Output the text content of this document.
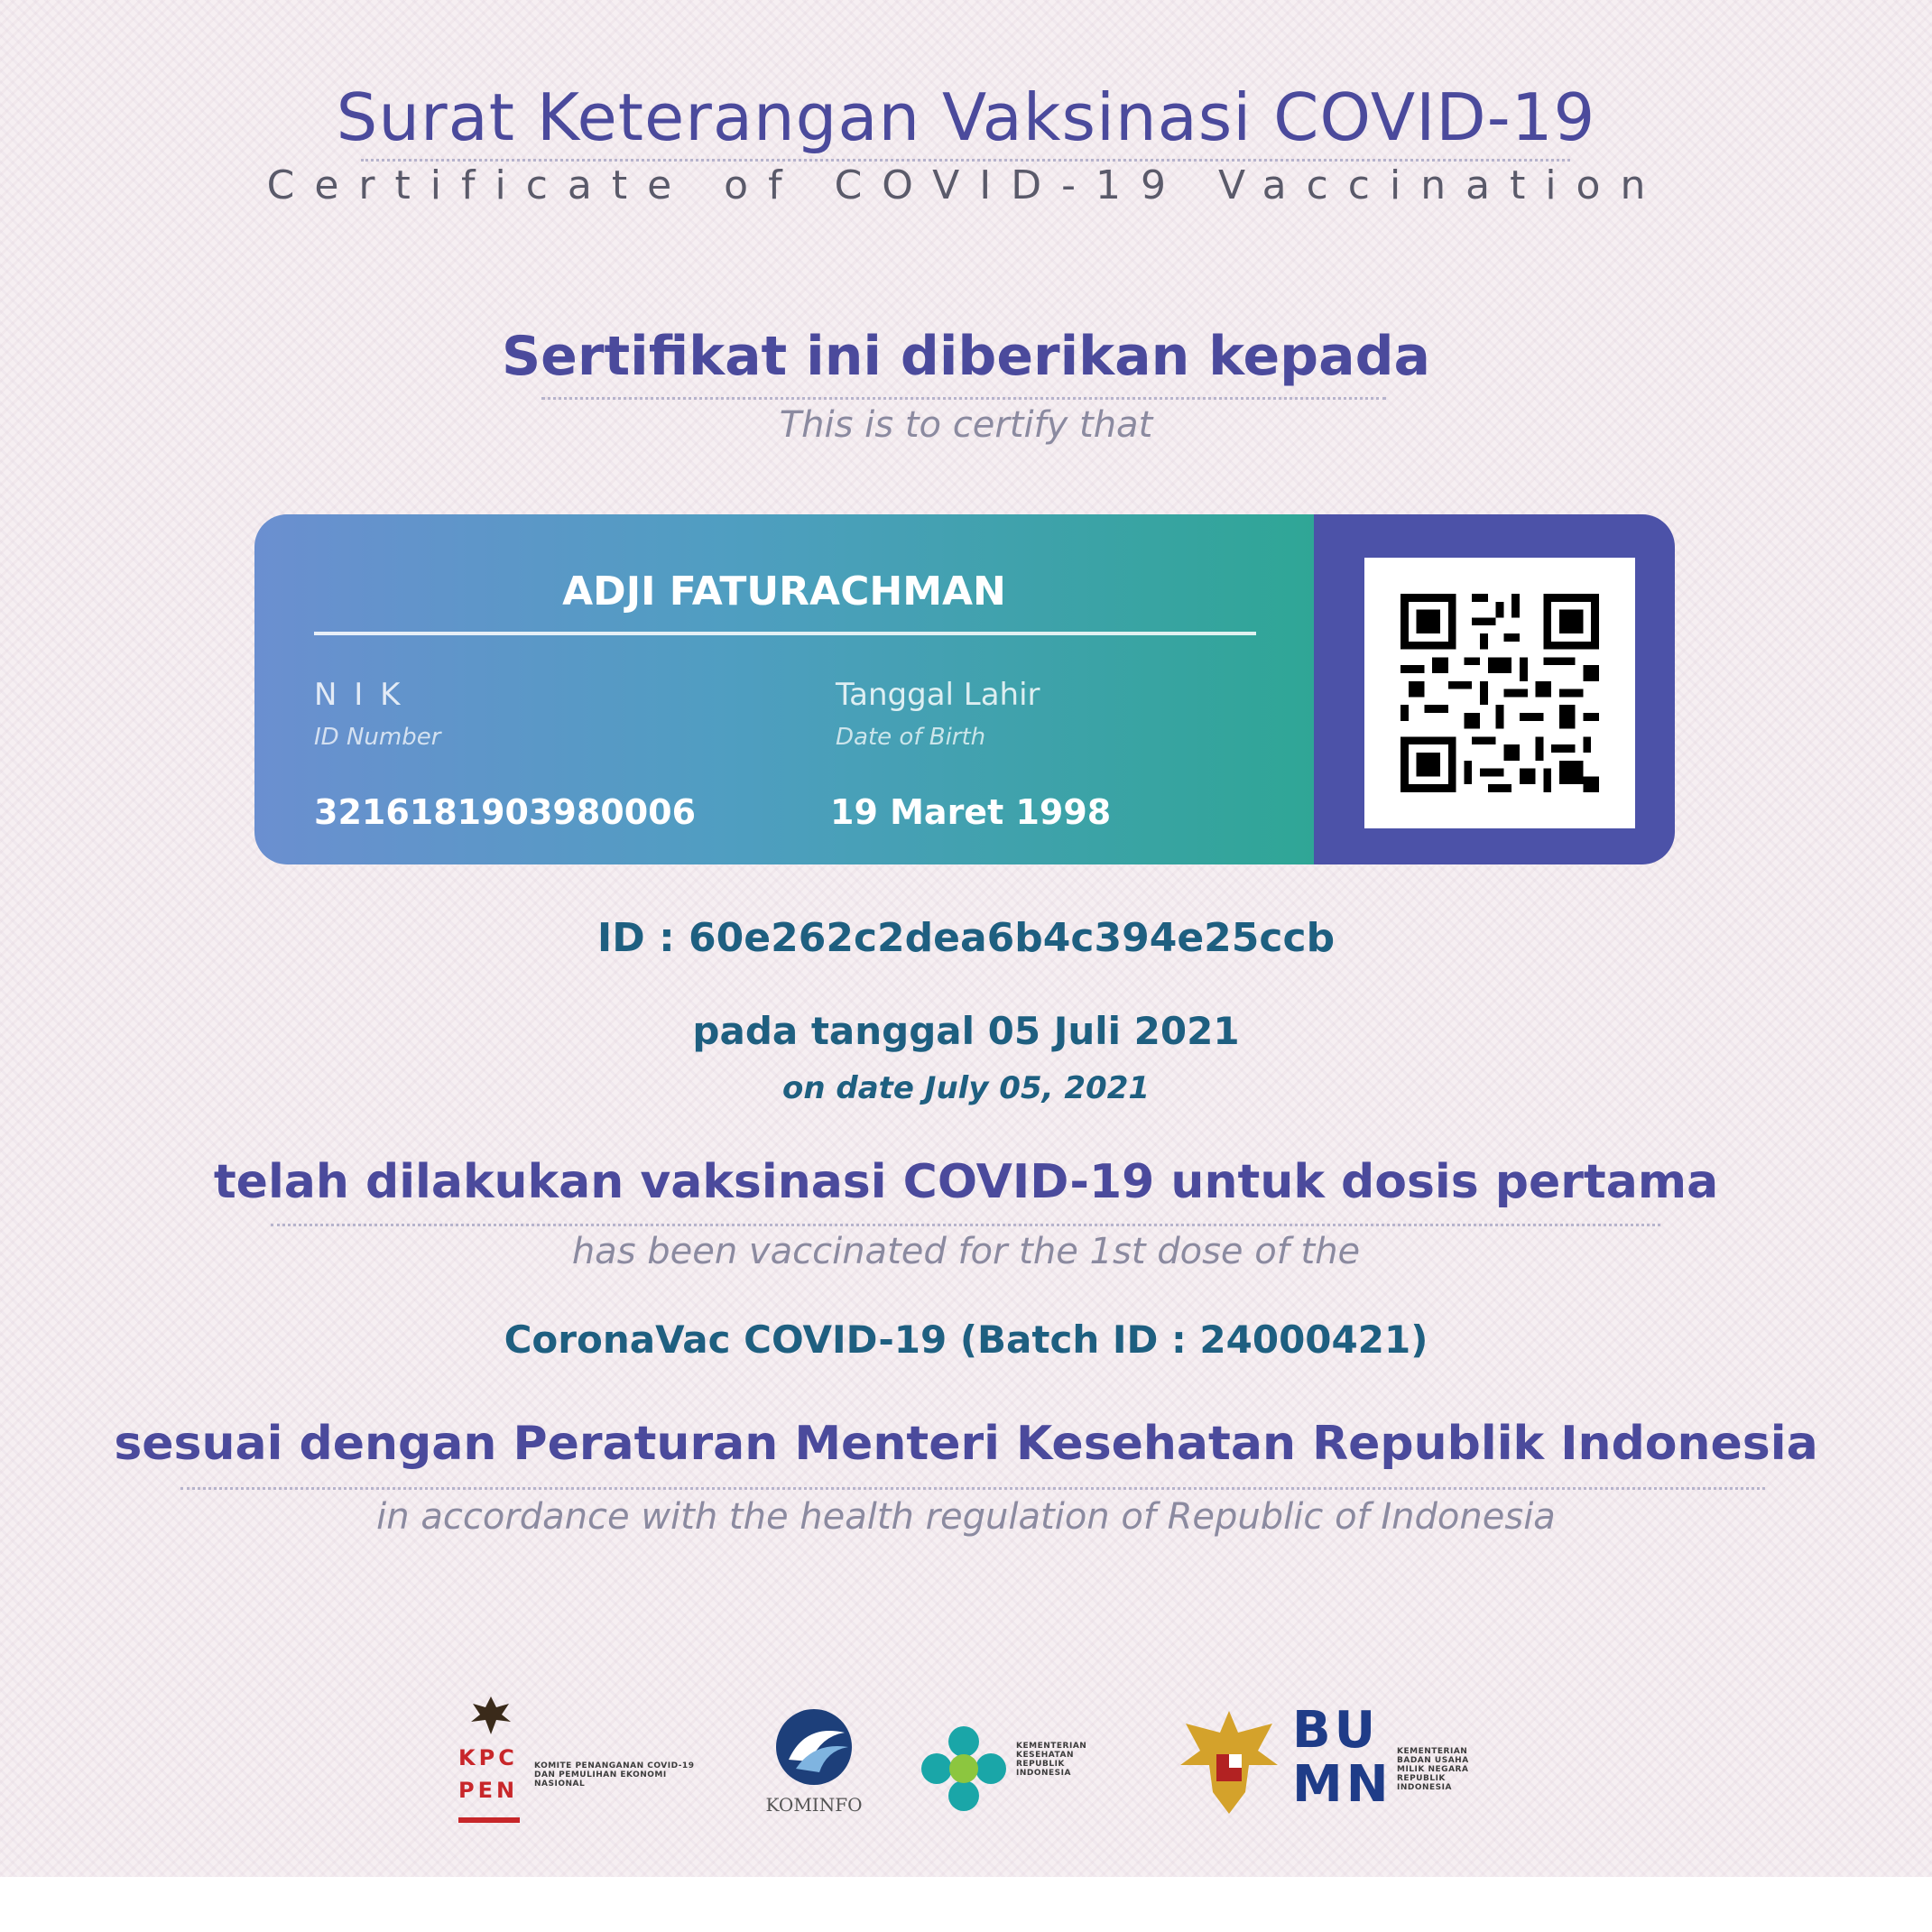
Surat Keterangan Vaksinasi COVID-19
Certificate of COVID-19 Vaccination
Sertifikat ini diberikan kepada
This is to certify that
ADJI FATURACHMAN
N I K
ID Number
3216181903980006
Tanggal Lahir
Date of Birth
19 Maret 1998
ID : 60e262c2dea6b4c394e25ccb
pada tanggal 05 Juli 2021
on date July 05, 2021
telah dilakukan vaksinasi COVID-19 untuk dosis pertama
has been vaccinated for the 1st dose of the
CoronaVac COVID-19 (Batch ID : 24000421)
sesuai dengan Peraturan Menteri Kesehatan Republik Indonesia
in accordance with the health regulation of Republic of Indonesia
KPC PEN
KOMITE PENANGANAN COVID-19 DAN PEMULIHAN EKONOMI NASIONAL
KOMINFO
KEMENTERIAN KESEHATAN REPUBLIK INDONESIA
BUMN
KEMENTERIAN BADAN USAHA MILIK NEGARA REPUBLIK INDONESIA
